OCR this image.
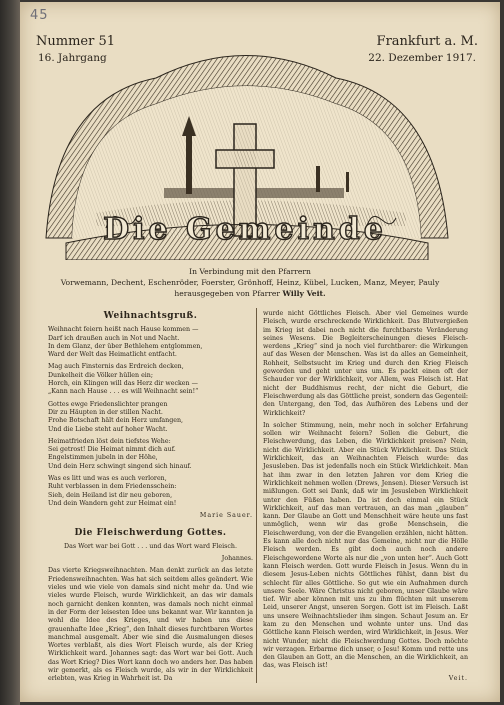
45
Nummer 51	Frankfurt a. M.
16. Jahrgang	22. Dezember 1917.
Die Gemeinde
In Verbindung mit den Pfarrern
Vorwemann, Dechent, Eschenröder, Foerster, Grönhoff, Heinz, Kübel, Lucken, Manz, Meyer, Pauly
herausgegeben von Pfarrer Willy Veit.
Weihnachtsgruß.
Weihnacht feiern heißt nach Hause kommen —
Darf ich draußen auch in Not und Nacht.
In dem Glanz, der über Bethlehem entglommen,
Ward der Welt das Heimatlicht entfacht.
Mag auch Finsternis das Erdreich decken,
Dunkelheit die Völker hüllen ein;
Horch, ein Klingen will das Herz dir wecken —
„Kann nach Hause . . . es will Weihnacht sein!“
Gottes ewge Friedenslichter prangen
Dir zu Häupten in der stillen Nacht.
Frohe Botschaft hält dein Herz umfangen,
Und die Liebe steht auf hoher Wacht.
Heimatfrieden löst dein tiefstes Wehe:
Sei getrost! Die Heimat nimmt dich auf.
Engelstimmen jubeln in der Höhe,
Und dein Herz schwingt singend sich hinauf.
Was es litt und was es auch verloren,
Ruht verblassen in dem Friedensschein:
Sieh, dein Heiland ist dir neu geboren,
Und dein Wandern geht zur Heimat ein!
Marie Sauer.
Die Fleischwerdung Gottes.

Das Wort war bei Gott . . . und das Wort ward Fleisch.

Johannes.

Das vierte Kriegsweihnachten. Man denkt zurück an das letzte Friedensweihnachten. Was hat sich seitdem alles geändert. Wie vieles und wie viele von damals sind nicht mehr da. Und wie vieles wurde Fleisch, wurde Wirklichkeit, an das wir damals noch garnicht denken konnten, was damals noch nicht einmal in der Form der leisesten Idee uns bekannt war. Wir kannten ja wohl die Idee des Krieges, und wir haben uns diese grauenhafte Idee „Krieg“, den Inhalt dieses furchtbaren Wortes manchmal ausgemalt. Aber wie sind die Ausmalungen dieses Wortes verblaßt, als dies Wort Fleisch wurde, als der Krieg Wirklichkeit ward. Johannes sagt: das Wort war bei Gott. Auch das Wort Krieg? Dies Wort kann doch wo anders her. Das haben wir gemerkt, als es Fleisch wurde, als wir in der Wirklichkeit erlebten, was Krieg in Wahrheit ist. Da

wurde nicht Göttliches Fleisch. Aber viel Gemeines wurde Fleisch, wurde erschreckende Wirklichkeit. Das Blutvergießen im Krieg ist dabei noch nicht die furchtbarste Veränderung seines Wesens. Die Begleiterscheinungen dieses Fleisch-werdens „Krieg“ sind ja noch viel furchtbarer: die Wirkungen auf das Wesen der Menschen. Was ist da alles an Gemeinheit, Rohheit, Selbstsucht im Krieg und durch den Krieg Fleisch geworden und geht unter uns um. Es packt einen oft der Schauder vor der Wirklichkeit, vor Allem, was Fleisch ist. Hat nicht der Buddhismus recht, der nicht die Geburt, die Fleischwerdung als das Göttliche preist, sondern das Gegenteil: den Untergang, den Tod, das Aufhören des Lebens und der Wirklichkeit?

In solcher Stimmung, nein, mehr noch in solcher Erfahrung sollen wir Weihnacht feiern? Sollen die Geburt, die Fleischwerdung, das Leben, die Wirklichkeit preisen? Nein, nicht die Wirklichkeit. Aber ein Stück Wirklichkeit. Das Stück Wirklichkeit, das an Weihnachten Fleisch wurde: das Jesusleben. Das ist jedenfalls noch ein Stück Wirklichkeit. Man hat ihm zwar in den letzten Jahren vor dem Krieg die Wirklichkeit nehmen wollen (Drews, Jensen). Dieser Versuch ist mißlungen. Gott sei Dank, daß wir im Jesusleben Wirklichkeit unter den Füßen haben. Da ist doch einmal ein Stück Wirklichkeit, auf das man vertrauen, an das man „glauben“ kann. Der Glaube an Gott und Menschheit wäre heute uns fast unmöglich, wenn wir das große Menschsein, die Fleischwerdung, von der die Evangelien erzählen, nicht hätten. Es kann alle doch nicht nur das Gemeine, nicht nur die Hölle Fleisch werden. Es gibt doch auch noch andere Fleischgewordene Worte als nur die „von unten her“. Auch Gott kann Fleisch werden. Gott wurde Fleisch in Jesus. Wenn du in diesem Jesus-Leben nichts Göttliches fühlst, dann bist du schlecht für alles Göttliche. So gut wie ein Aufnahmen durch unsere Seele. Wäre Christus nicht geboren, unser Glaube wäre tief. Wir aber können mit uns zu ihm flüchten mit unserem Leid, unserer Angst, unseren Sorgen. Gott ist im Fleisch. Laßt uns unsere Weihnachtslieder ihm singen. Schaut Jesum an. Er kam zu den Menschen und wohnte unter uns. Und das Göttliche kann Fleisch werden, wird Wirklichkeit, in Jesus. Wer nicht Wunder, nicht die Fleischwerdung Gottes. Doch möchte wir verzagen. Erbarme dich unser, o Jesu! Komm und rette uns den Glauben an Gott, an die Menschen, an die Wirklichkeit, an das, was Fleisch ist!

Veit.
